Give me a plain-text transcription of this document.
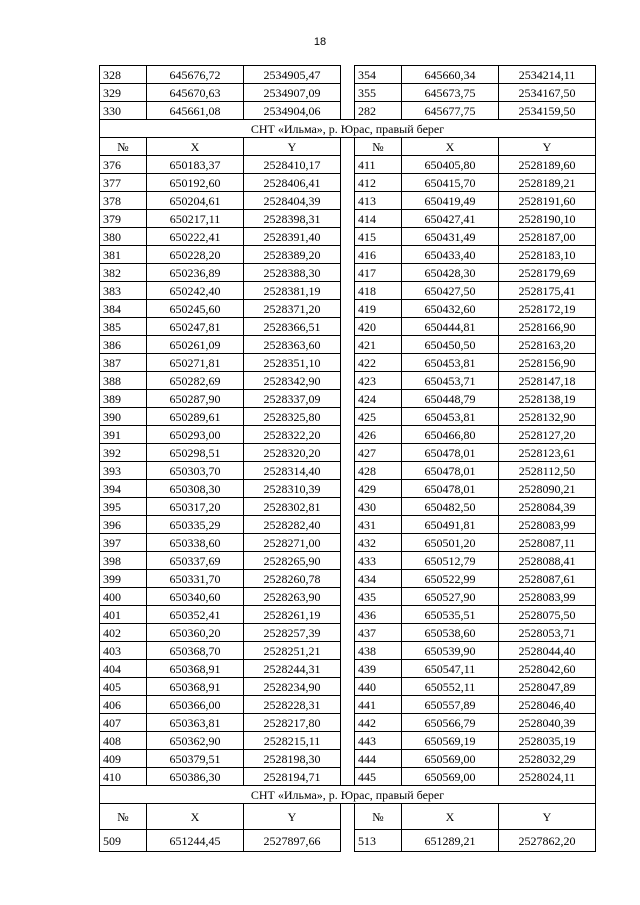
18
328	645676,72	2534905,47		354	645660,34	2534214,11
329	645670,63	2534907,09		355	645673,75	2534167,50
330	645661,08	2534904,06		282	645677,75	2534159,50
СНТ «Ильма», р. Юрас, правый берег						
№	X	Y		№	X	Y
376	650183,37	2528410,17		411	650405,80	2528189,60
377	650192,60	2528406,41		412	650415,70	2528189,21
378	650204,61	2528404,39		413	650419,49	2528191,60
379	650217,11	2528398,31		414	650427,41	2528190,10
380	650222,41	2528391,40		415	650431,49	2528187,00
381	650228,20	2528389,20		416	650433,40	2528183,10
382	650236,89	2528388,30		417	650428,30	2528179,69
383	650242,40	2528381,19		418	650427,50	2528175,41
384	650245,60	2528371,20		419	650432,60	2528172,19
385	650247,81	2528366,51		420	650444,81	2528166,90
386	650261,09	2528363,60		421	650450,50	2528163,20
387	650271,81	2528351,10		422	650453,81	2528156,90
388	650282,69	2528342,90		423	650453,71	2528147,18
389	650287,90	2528337,09		424	650448,79	2528138,19
390	650289,61	2528325,80		425	650453,81	2528132,90
391	650293,00	2528322,20		426	650466,80	2528127,20
392	650298,51	2528320,20		427	650478,01	2528123,61
393	650303,70	2528314,40		428	650478,01	2528112,50
394	650308,30	2528310,39		429	650478,01	2528090,21
395	650317,20	2528302,81		430	650482,50	2528084,39
396	650335,29	2528282,40		431	650491,81	2528083,99
397	650338,60	2528271,00		432	650501,20	2528087,11
398	650337,69	2528265,90		433	650512,79	2528088,41
399	650331,70	2528260,78		434	650522,99	2528087,61
400	650340,60	2528263,90		435	650527,90	2528083,99
401	650352,41	2528261,19		436	650535,51	2528075,50
402	650360,20	2528257,39		437	650538,60	2528053,71
403	650368,70	2528251,21		438	650539,90	2528044,40
404	650368,91	2528244,31		439	650547,11	2528042,60
405	650368,91	2528234,90		440	650552,11	2528047,89
406	650366,00	2528228,31		441	650557,89	2528046,40
407	650363,81	2528217,80		442	650566,79	2528040,39
408	650362,90	2528215,11		443	650569,19	2528035,19
409	650379,51	2528198,30		444	650569,00	2528032,29
410	650386,30	2528194,71		445	650569,00	2528024,11
СНТ «Ильма», р. Юрас, правый берег						
№	X	Y		№	X	Y
509	651244,45	2527897,66		513	651289,21	2527862,20
